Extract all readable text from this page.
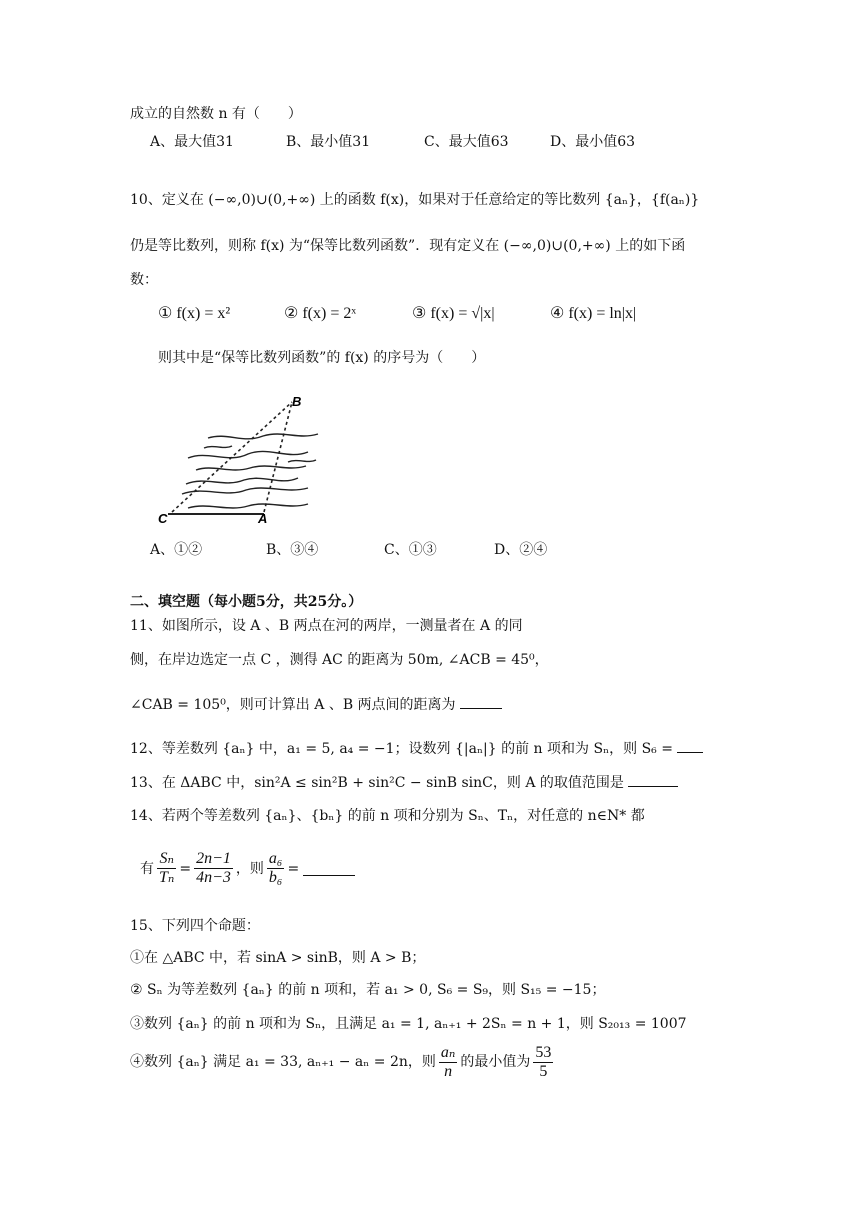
成立的自然数 n 有（　　）
A、最大值31	B、最小值31	C、最大值63	D、最小值63
10、定义在 (−∞,0)∪(0,+∞) 上的函数 f(x)，如果对于任意给定的等比数列 {aₙ}，{f(aₙ)}
仍是等比数列，则称 f(x) 为“保等比数列函数”．现有定义在 (−∞,0)∪(0,+∞) 上的如下函
数：
① f(x) = x²	② f(x) = 2ˣ	③ f(x) = √|x|	④ f(x) = ln|x|
则其中是“保等比数列函数”的 f(x) 的序号为（　　）
B
C	A
A、①②	B、③④	C、①③	D、②④
二、填空题（每小题5分，共25分。）
11、如图所示，设 A 、B 两点在河的两岸，一测量者在 A 的同
侧，在岸边选定一点 C ，测得 AC 的距离为 50m, ∠ACB = 45⁰，
∠CAB = 105⁰，则可计算出 A 、B 两点间的距离为
12、等差数列 {aₙ} 中，a₁ = 5, a₄ = −1；设数列 {|aₙ|} 的前 n 项和为 Sₙ，则 S₆ =
13、在 ΔABC 中，sin²A ≤ sin²B + sin²C − sinB sinC，则 A 的取值范围是
14、若两个等差数列 {aₙ}、{bₙ} 的前 n 项和分别为 Sₙ、Tₙ，对任意的 n∈N* 都
有 $\frac{\text{Sₙ}}{\text{Tₙ}} = \frac{2n-1}{4n-3}$ ，则 $\frac{\text{a₆}}{\text{b₆}}$ =
15、下列四个命题：
①在 △ABC 中，若 sinA > sinB，则 A > B；
② Sₙ 为等差数列 {aₙ} 的前 n 项和，若 a₁ > 0, S₆ = S₉，则 S₁₅ = −15；
③数列 {aₙ} 的前 n 项和为 Sₙ，且满足 a₁ = 1, aₙ₊₁ + 2Sₙ = n + 1，则 S₂₀₁₃ = 1007
④数列 {aₙ} 满足 a₁ = 33, aₙ₊₁ − aₙ = 2n，则 $\frac{\text{aₙ}}{n}$ 的最小值为 $\frac{53}{5}$
